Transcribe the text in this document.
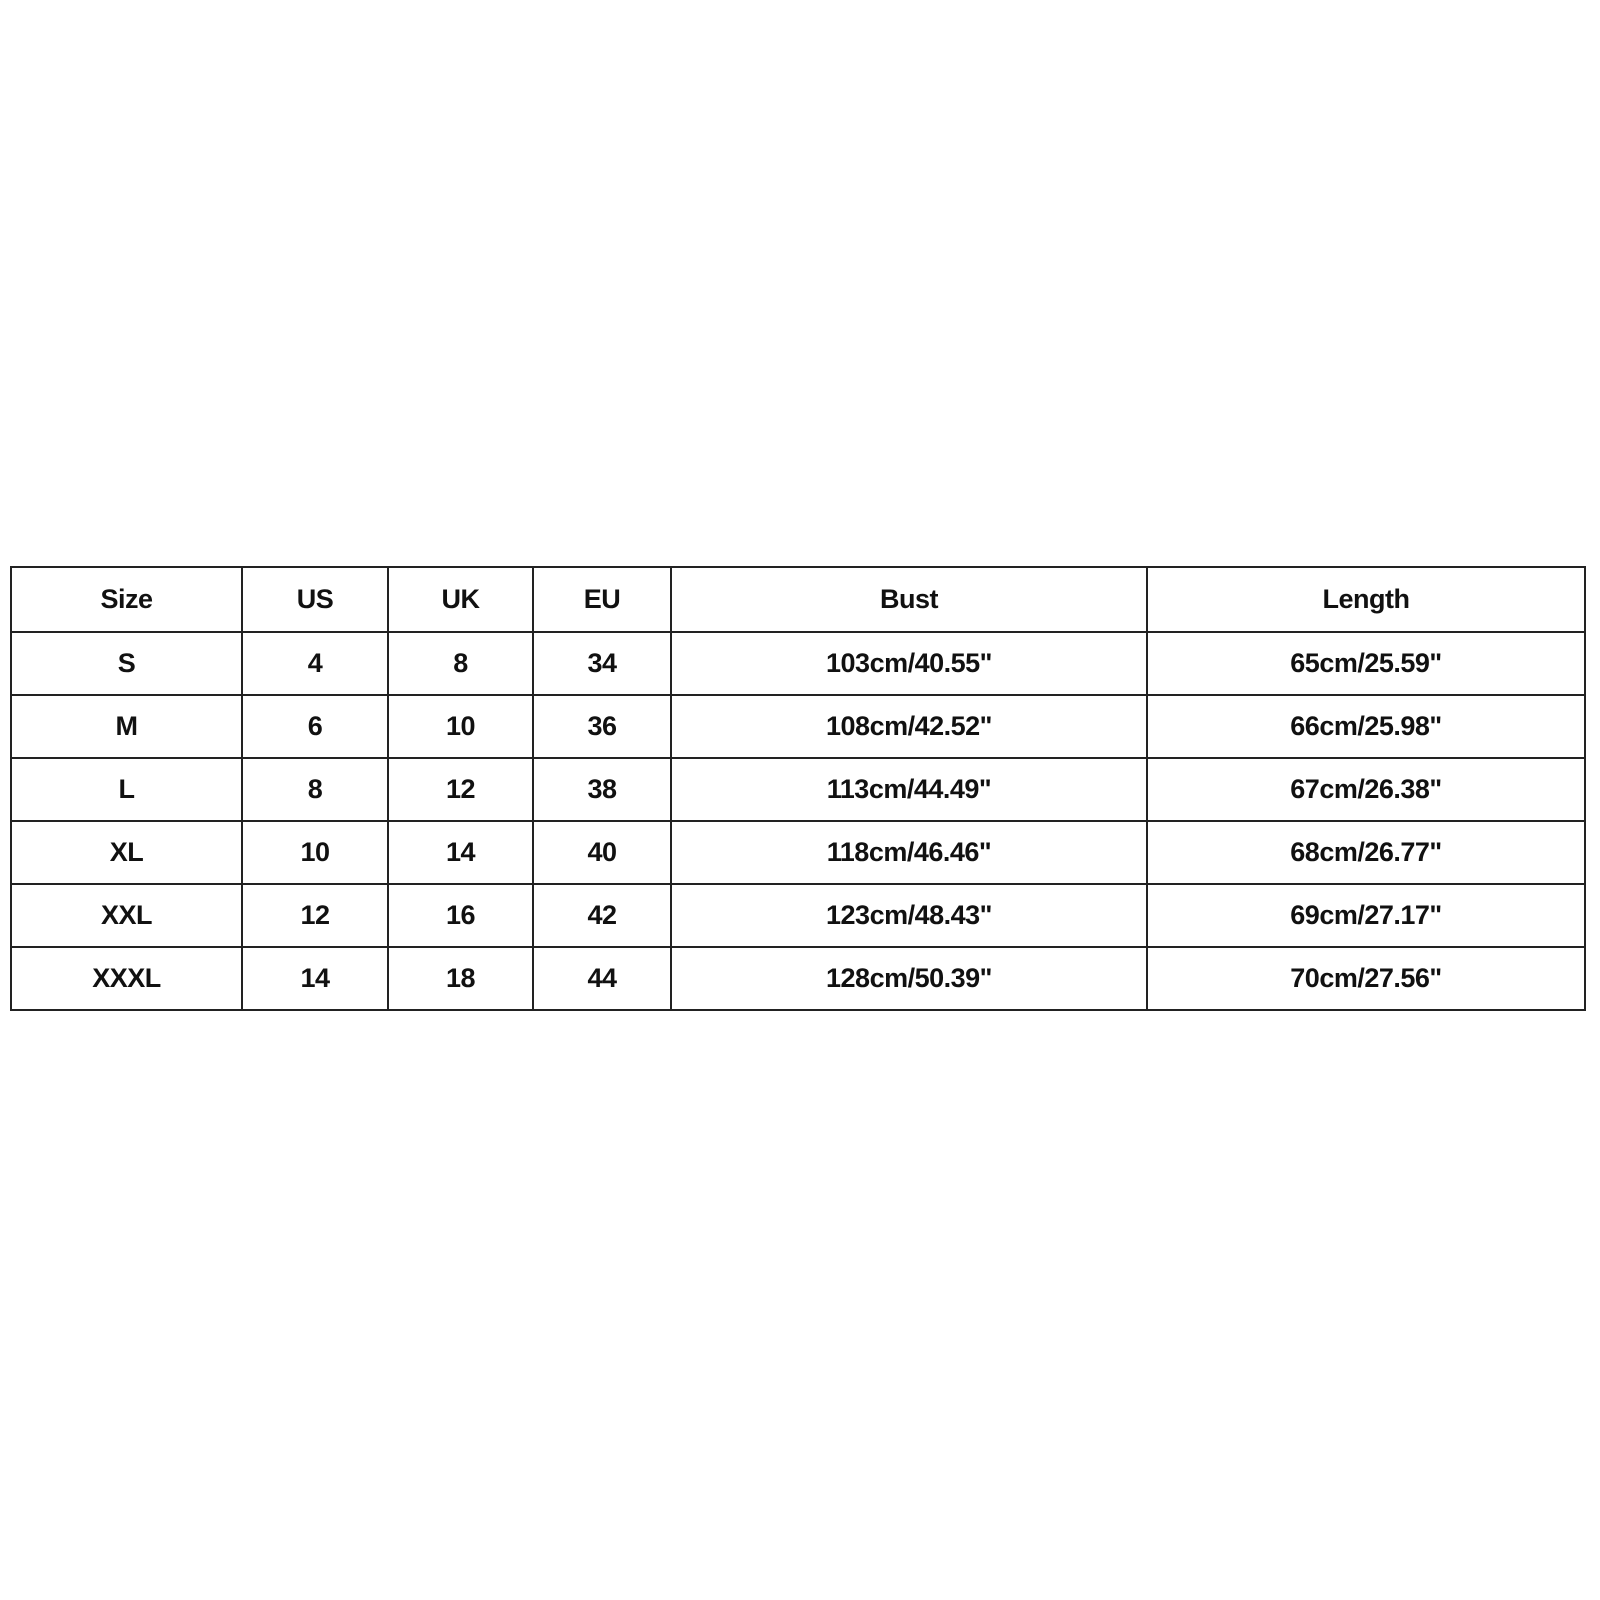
Size	US	UK	EU	Bust	Length
S	4	8	34	103cm/40.55"	65cm/25.59"
M	6	10	36	108cm/42.52"	66cm/25.98"
L	8	12	38	113cm/44.49"	67cm/26.38"
XL	10	14	40	118cm/46.46"	68cm/26.77"
XXL	12	16	42	123cm/48.43"	69cm/27.17"
XXXL	14	18	44	128cm/50.39"	70cm/27.56"
